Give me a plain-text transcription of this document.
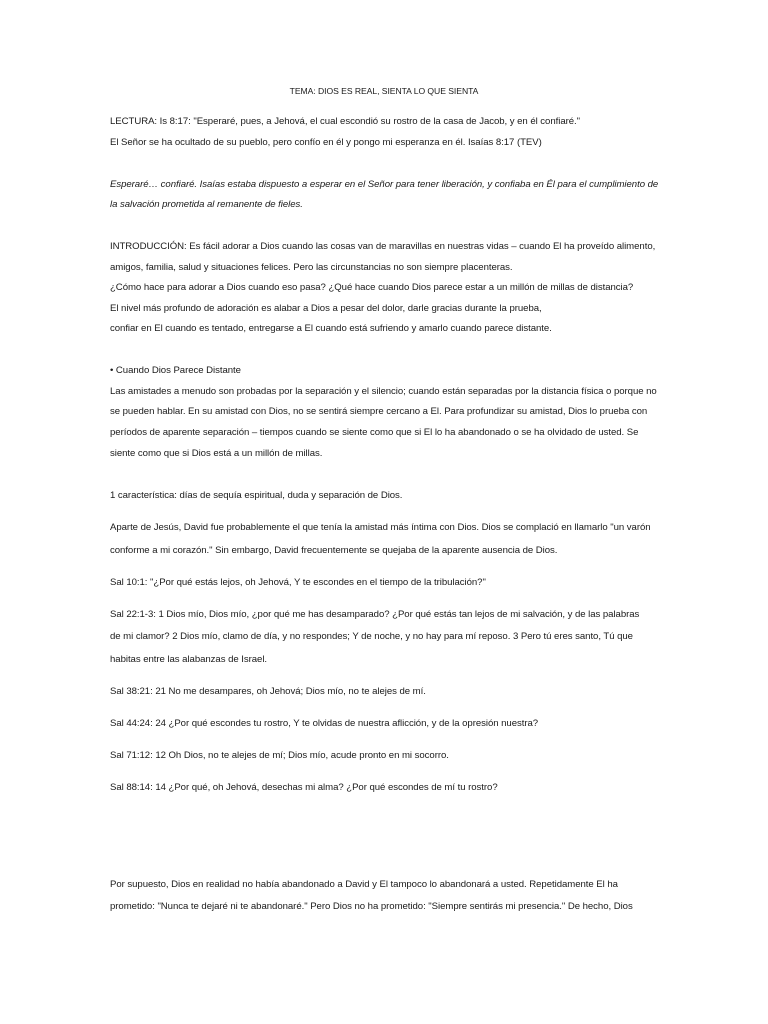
TEMA: DIOS ES REAL, SIENTA LO QUE SIENTA
LECTURA: Is 8:17: "Esperaré, pues, a Jehová, el cual escondió su rostro de la casa de Jacob, y en él confiaré."
El Señor se ha ocultado de su pueblo, pero confío en él y pongo mi esperanza en él. Isaías 8:17 (TEV)
Esperaré… confiaré. Isaías estaba dispuesto a esperar en el Señor para tener liberación, y confiaba en Él para el cumplimiento de
la salvación prometida al remanente de fieles.
INTRODUCCIÓN: Es fácil adorar a Dios cuando las cosas van de maravillas en nuestras vidas – cuando El ha proveído alimento,
amigos, familia, salud y situaciones felices. Pero las circunstancias no son siempre placenteras.
¿Cómo hace para adorar a Dios cuando eso pasa? ¿Qué hace cuando Dios parece estar a un millón de millas de distancia?
El nivel más profundo de adoración es alabar a Dios a pesar del dolor, darle gracias durante la prueba,
confiar en El cuando es tentado, entregarse a El cuando está sufriendo y amarlo cuando parece distante.
• Cuando Dios Parece Distante
Las amistades a menudo son probadas por la separación y el silencio; cuando están separadas por la distancia física o porque no
se pueden hablar. En su amistad con Dios, no se sentirá siempre cercano a El. Para profundizar su amistad, Dios lo prueba con
períodos de aparente separación – tiempos cuando se siente como que si El lo ha abandonado o se ha olvidado de usted. Se
siente como que si Dios está a un millón de millas.
1 característica: días de sequía espiritual, duda y separación de Dios.
Aparte de Jesús, David fue probablemente el que tenía la amistad más íntima con Dios. Dios se complació en llamarlo "un varón
conforme a mi corazón." Sin embargo, David frecuentemente se quejaba de la aparente ausencia de Dios.
Sal 10:1: "¿Por qué estás lejos, oh Jehová, Y te escondes en el tiempo de la tribulación?"
Sal 22:1-3: 1 Dios mío, Dios mío, ¿por qué me has desamparado? ¿Por qué estás tan lejos de mi salvación, y de las palabras
de mi clamor? 2 Dios mío, clamo de día, y no respondes; Y de noche, y no hay para mí reposo. 3 Pero tú eres santo, Tú que
habitas entre las alabanzas de Israel.
Sal 38:21: 21 No me desampares, oh Jehová; Dios mío, no te alejes de mí.
Sal 44:24: 24 ¿Por qué escondes tu rostro, Y te olvidas de nuestra aflicción, y de la opresión nuestra?
Sal 71:12: 12 Oh Dios, no te alejes de mí; Dios mío, acude pronto en mi socorro.
Sal 88:14: 14 ¿Por qué, oh Jehová, desechas mi alma? ¿Por qué escondes de mí tu rostro?
Por supuesto, Dios en realidad no había abandonado a David y El tampoco lo abandonará a usted. Repetidamente El ha
prometido: "Nunca te dejaré ni te abandonaré." Pero Dios no ha prometido: "Siempre sentirás mi presencia." De hecho, Dios
